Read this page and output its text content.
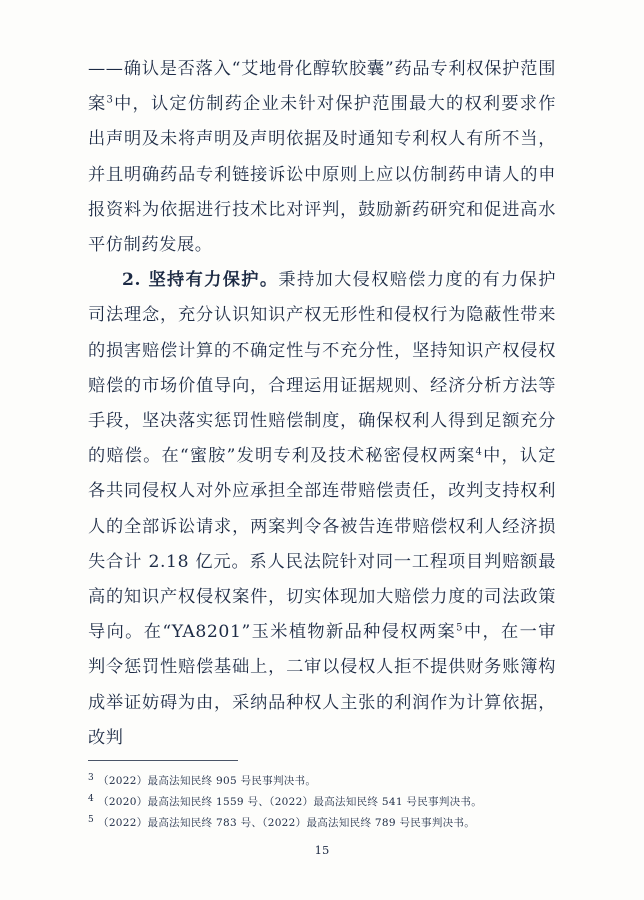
——确认是否落入“艾地骨化醇软胶囊”药品专利权保护范围案$^3$中，认定仿制药企业未针对保护范围最大的权利要求作出声明及未将声明及声明依据及时通知专利权人有所不当，并且明确药品专利链接诉讼中原则上应以仿制药申请人的申报资料为依据进行技术比对评判，鼓励新药研究和促进高水平仿制药发展。

2. 坚持有力保护。秉持加大侵权赔偿力度的有力保护司法理念，充分认识知识产权无形性和侵权行为隐蔽性带来的损害赔偿计算的不确定性与不充分性，坚持知识产权侵权赔偿的市场价值导向，合理运用证据规则、经济分析方法等手段，坚决落实惩罚性赔偿制度，确保权利人得到足额充分的赔偿。在“蜜胺”发明专利及技术秘密侵权两案$^4$中，认定各共同侵权人对外应承担全部连带赔偿责任，改判支持权利人的全部诉讼请求，两案判令各被告连带赔偿权利人经济损失合计 2.18 亿元。系人民法院针对同一工程项目判赔额最高的知识产权侵权案件，切实体现加大赔偿力度的司法政策导向。在“YA8201”玉米植物新品种侵权两案$^5$中，在一审判令惩罚性赔偿基础上，二审以侵权人拒不提供财务账簿构成举证妨碍为由，采纳品种权人主张的利润作为计算依据，改判

3 （2022）最高法知民终 905 号民事判决书。

4 （2020）最高法知民终 1559 号、（2022）最高法知民终 541 号民事判决书。

5 （2022）最高法知民终 783 号、（2022）最高法知民终 789 号民事判决书。

15
